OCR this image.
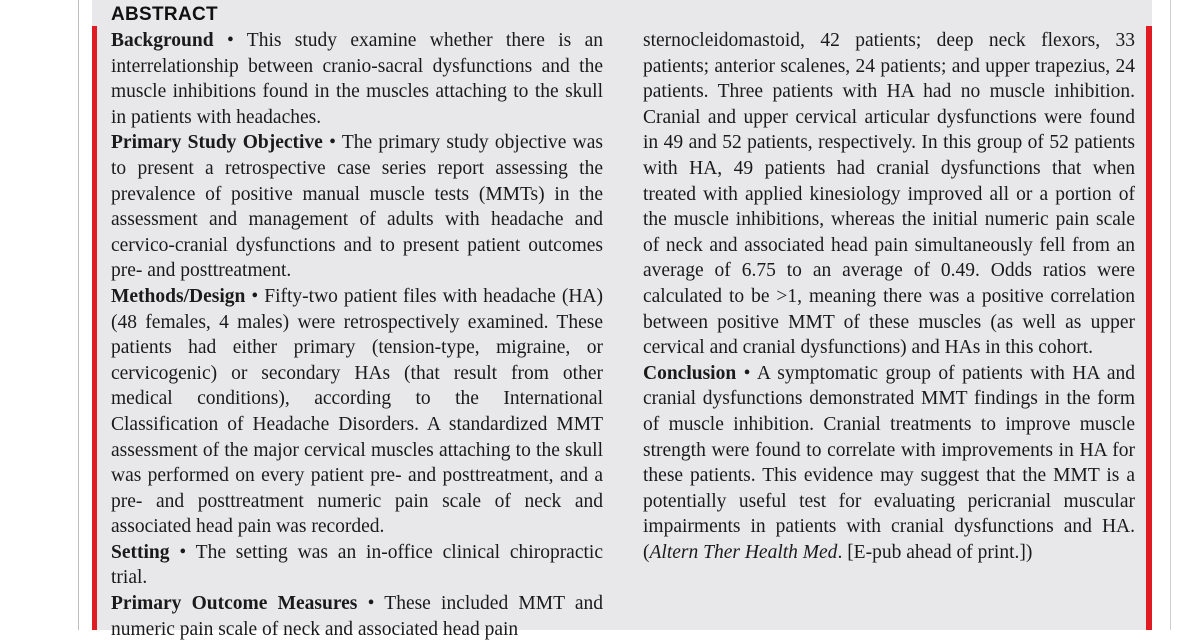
ABSTRACT

Background • This study examine whether there is an interrelationship between cranio-sacral dysfunctions and the muscle inhibitions found in the muscles attaching to the skull in patients with headaches.

Primary Study Objective • The primary study objective was to present a retrospective case series report assessing the prevalence of positive manual muscle tests (MMTs) in the assessment and management of adults with headache and cervico-cranial dysfunctions and to present patient outcomes pre- and posttreatment.

Methods/Design • Fifty-two patient files with headache (HA) (48 females, 4 males) were retrospectively examined. These patients had either primary (tension-type, migraine, or cervicogenic) or secondary HAs (that result from other medical conditions), according to the International Classification of Headache Disorders. A standardized MMT assessment of the major cervical muscles attaching to the skull was performed on every patient pre- and posttreatment, and a pre- and posttreatment numeric pain scale of neck and associated head pain was recorded.

Setting • The setting was an in-office clinical chiropractic trial.

Primary Outcome Measures • These included MMT and numeric pain scale of neck and associated head pain

sternocleidomastoid, 42 patients; deep neck flexors, 33 patients; anterior scalenes, 24 patients; and upper trapezius, 24 patients. Three patients with HA had no muscle inhibition. Cranial and upper cervical articular dysfunctions were found in 49 and 52 patients, respectively. In this group of 52 patients with HA, 49 patients had cranial dysfunctions that when treated with applied kinesiology improved all or a portion of the muscle inhibitions, whereas the initial numeric pain scale of neck and associated head pain simultaneously fell from an average of 6.75 to an average of 0.49. Odds ratios were calculated to be >1, meaning there was a positive correlation between positive MMT of these muscles (as well as upper cervical and cranial dysfunctions) and HAs in this cohort.

Conclusion • A symptomatic group of patients with HA and cranial dysfunctions demonstrated MMT findings in the form of muscle inhibition. Cranial treatments to improve muscle strength were found to correlate with improvements in HA for these patients. This evidence may suggest that the MMT is a potentially useful test for evaluating pericranial muscular impairments in patients with cranial dysfunctions and HA. (Altern Ther Health Med. [E-pub ahead of print.])
